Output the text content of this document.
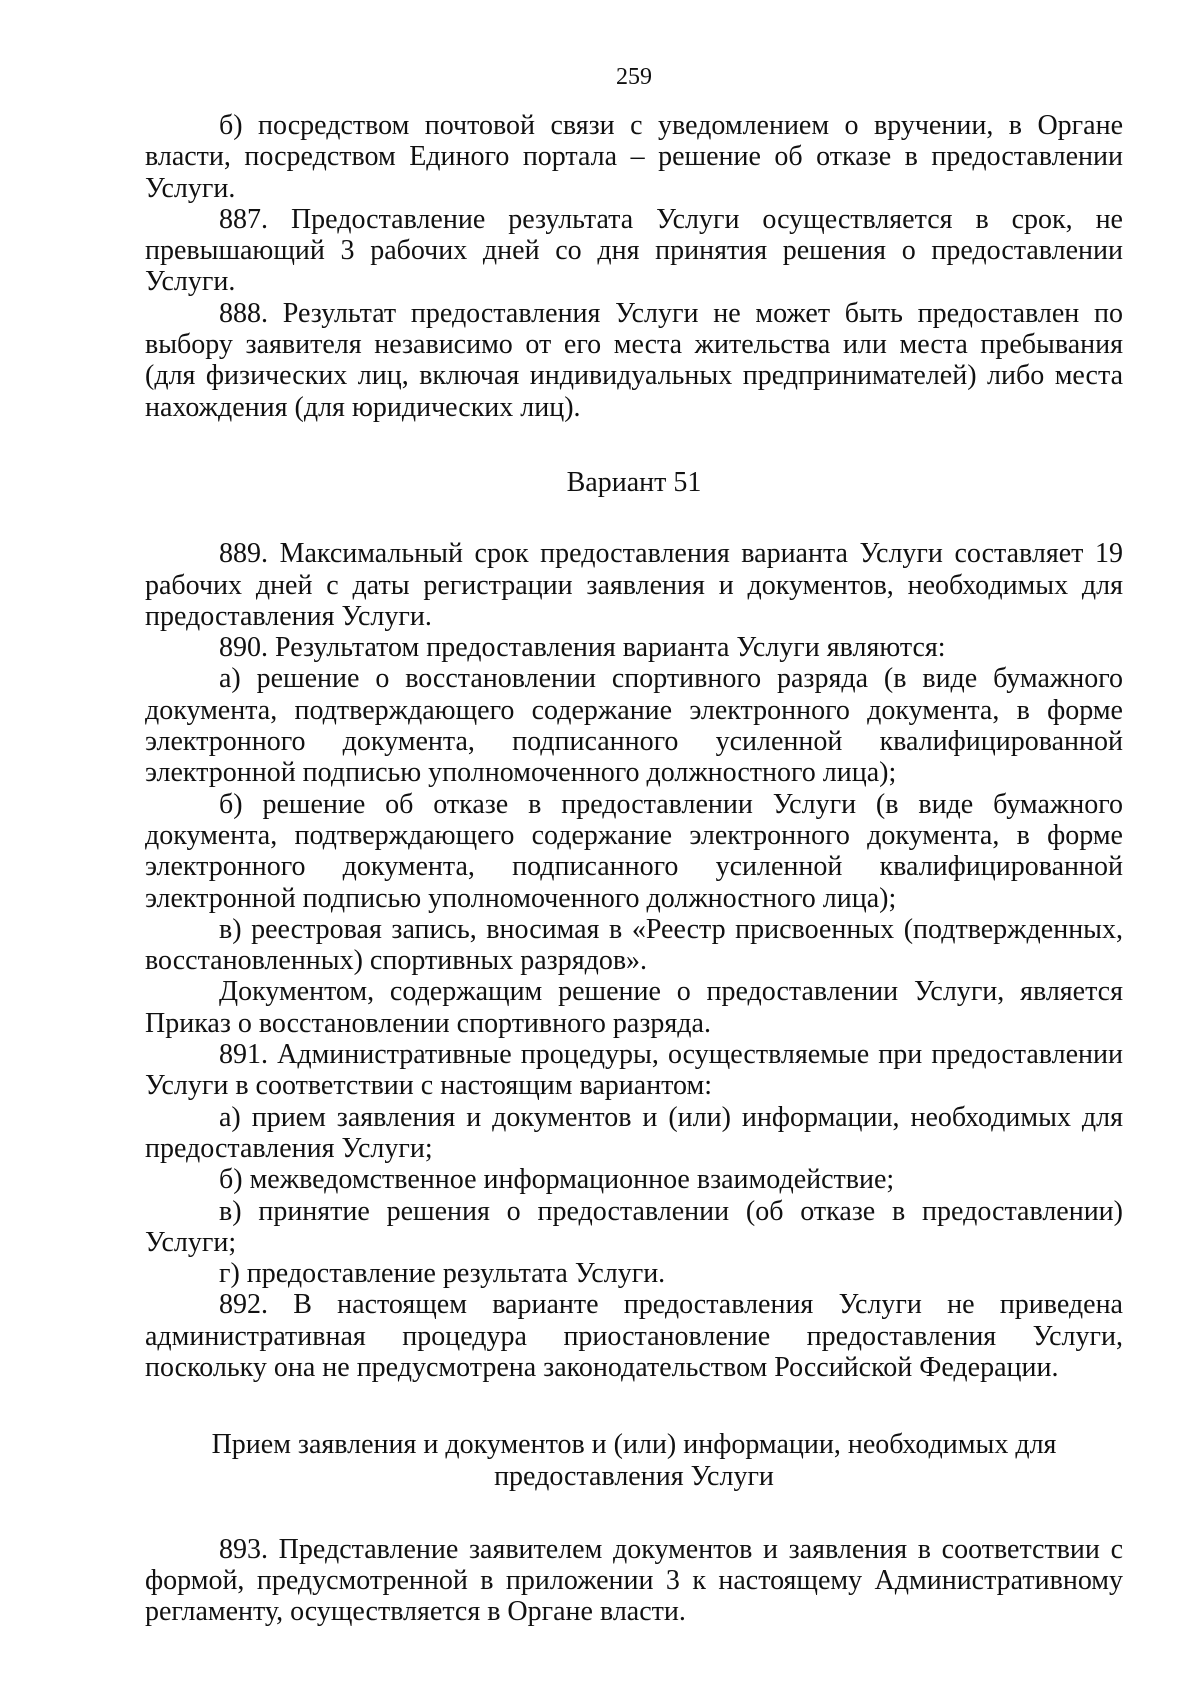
259

б) посредством почтовой связи с уведомлением о вручении, в Органе власти, посредством Единого портала – решение об отказе в предоставлении Услуги.

887. Предоставление результата Услуги осуществляется в срок, не превышающий 3 рабочих дней со дня принятия решения о предоставлении Услуги.

888. Результат предоставления Услуги не может быть предоставлен по выбору заявителя независимо от его места жительства или места пребывания (для физических лиц, включая индивидуальных предпринимателей) либо места нахождения (для юридических лиц).

Вариант 51

889. Максимальный срок предоставления варианта Услуги составляет 19 рабочих дней с даты регистрации заявления и документов, необходимых для предоставления Услуги.

890. Результатом предоставления варианта Услуги являются:

а) решение о восстановлении спортивного разряда (в виде бумажного документа, подтверждающего содержание электронного документа, в форме электронного документа, подписанного усиленной квалифицированной электронной подписью уполномоченного должностного лица);

б) решение об отказе в предоставлении Услуги (в виде бумажного документа, подтверждающего содержание электронного документа, в форме электронного документа, подписанного усиленной квалифицированной электронной подписью уполномоченного должностного лица);

в) реестровая запись, вносимая в «Реестр присвоенных (подтвержденных, восстановленных) спортивных разрядов».

Документом, содержащим решение о предоставлении Услуги, является Приказ о восстановлении спортивного разряда.

891. Административные процедуры, осуществляемые при предоставлении Услуги в соответствии с настоящим вариантом:

а) прием заявления и документов и (или) информации, необходимых для предоставления Услуги;

б) межведомственное информационное взаимодействие;

в) принятие решения о предоставлении (об отказе в предоставлении) Услуги;

г) предоставление результата Услуги.

892. В настоящем варианте предоставления Услуги не приведена административная процедура приостановление предоставления Услуги, поскольку она не предусмотрена законодательством Российской Федерации.

Прием заявления и документов и (или) информации, необходимых для предоставления Услуги

893. Представление заявителем документов и заявления в соответствии с формой, предусмотренной в приложении 3 к настоящему Административному регламенту, осуществляется в Органе власти.
